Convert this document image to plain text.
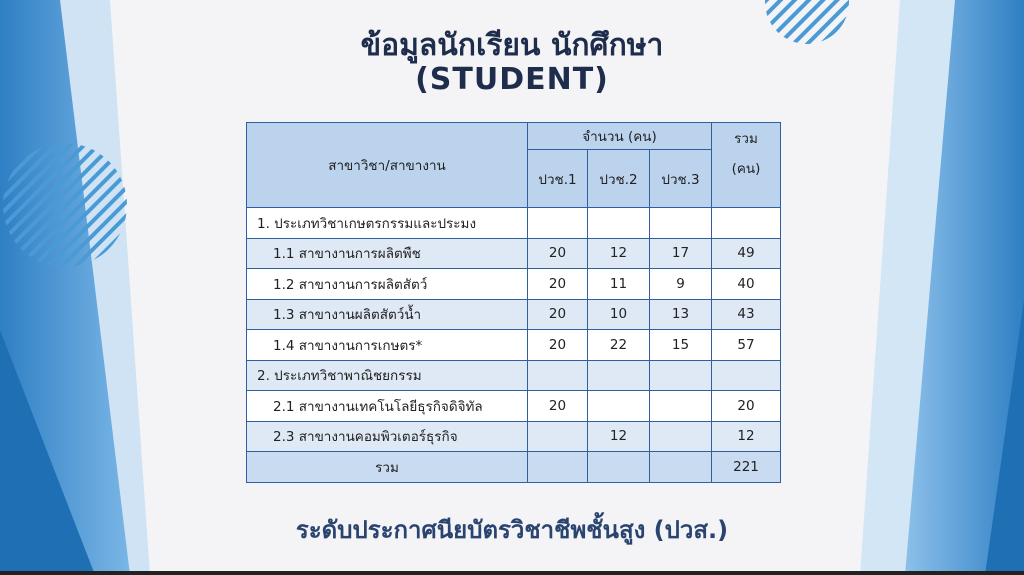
ข้อมูลนักเรียน นักศึกษา
(STUDENT)
สาขาวิชา/สาขางาน	จำนวน (คน)			รวม
(คน)

	ปวช.1	ปวช.2	ปวช.3	
1. ประเภทวิชาเกษตรกรรมและประมง				
1.1 สาขางานการผลิตพืช	20	12	17	49
1.2 สาขางานการผลิตสัตว์	20	11	9	40
1.3 สาขางานผลิตสัตว์น้ำ	20	10	13	43
1.4 สาขางานการเกษตร*	20	22	15	57
2. ประเภทวิชาพาณิชยกรรม				
2.1 สาขางานเทคโนโลยีธุรกิจดิจิทัล	20			20
2.3 สาขางานคอมพิวเตอร์ธุรกิจ		12		12
รวม				221
ระดับประกาศนียบัตรวิชาชีพชั้นสูง (ปวส.)
